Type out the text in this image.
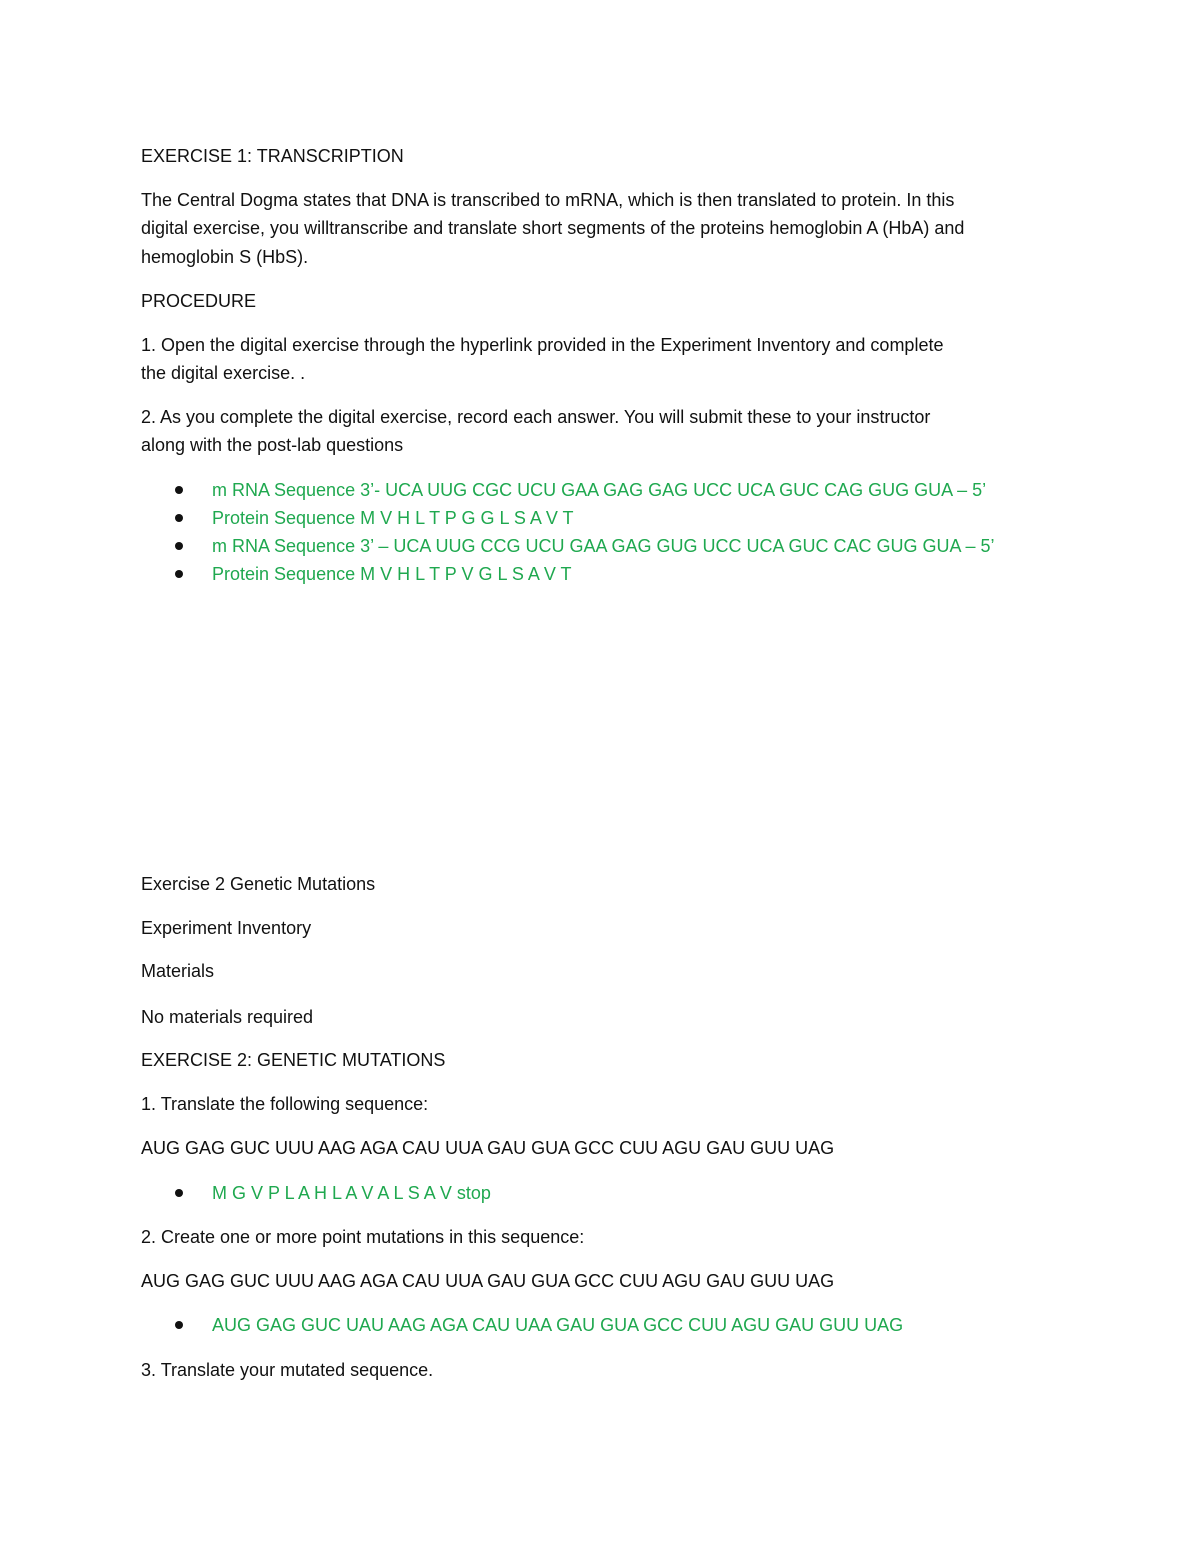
EXERCISE 1: TRANSCRIPTION
The Central Dogma states that DNA is transcribed to mRNA, which is then translated to protein. In this
digital exercise, you willtranscribe and translate short segments of the proteins hemoglobin A (HbA) and
hemoglobin S (HbS).
PROCEDURE
1. Open the digital exercise through the hyperlink provided in the Experiment Inventory and complete
the digital exercise. .
2. As you complete the digital exercise, record each answer. You will submit these to your instructor
along with the post-lab questions
m RNA Sequence 3’- UCA UUG CGC UCU GAA GAG GAG UCC UCA GUC CAG GUG GUA – 5’
Protein Sequence M V H L T P G G L S A V T
m RNA Sequence 3’ – UCA UUG CCG UCU GAA GAG GUG UCC UCA GUC CAC GUG GUA – 5’
Protein Sequence M V H L T P V G L S A V T
Exercise 2 Genetic Mutations
Experiment Inventory
Materials
No materials required
EXERCISE 2: GENETIC MUTATIONS
1. Translate the following sequence:
AUG GAG GUC UUU AAG AGA CAU UUA GAU GUA GCC CUU AGU GAU GUU UAG
M G V P L A H L A V A L S A V stop
2. Create one or more point mutations in this sequence:
AUG GAG GUC UUU AAG AGA CAU UUA GAU GUA GCC CUU AGU GAU GUU UAG
AUG GAG GUC UAU AAG AGA CAU UAA GAU GUA GCC CUU AGU GAU GUU UAG
3. Translate your mutated sequence.
